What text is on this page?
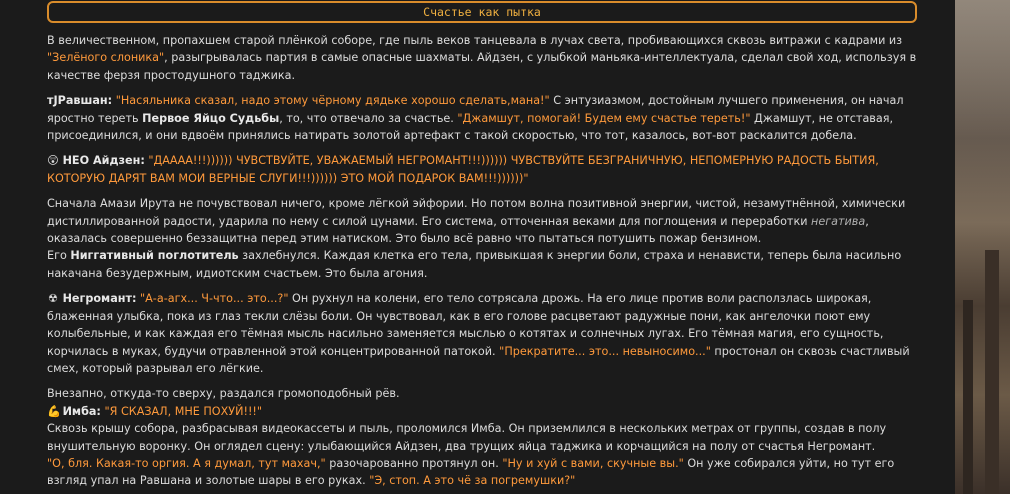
Счастье как пытка

В величественном, пропахшем старой плёнкой соборе, где пыль веков танцевала в лучах света, пробивающихся сквозь витражи с кадрами из "Зелёного слоника", разыгрывалась партия в самые опасные шахматы. Айдзен, с улыбкой маньяка-интеллектуала, сделал свой ход, используя в качестве ферзя простодушного таджика.

тJРавшан: "Насяльника сказал, надо этому чёрному дядьке хорошо сделать,мана!" С энтузиазмом, достойным лучшего применения, он начал яростно тереть Первое Яйцо Судьбы, то, что отвечало за счастье. "Джамшут, помогай! Будем ему счастье тереть!" Джамшут, не отставая, присоединился, и они вдвоём принялись натирать золотой артефакт с такой скоростью, что тот, казалось, вот-вот раскалится добела.

😲 НЕО Айдзен: "ДАААА!!!)))))) ЧУВСТВУЙТЕ, УВАЖАЕМЫЙ НЕГРОМАНТ!!!)))))) ЧУВСТВУЙТЕ БЕЗГРАНИЧНУЮ, НЕПОМЕРНУЮ РАДОСТЬ БЫТИЯ, КОТОРУЮ ДАРЯТ ВАМ МОИ ВЕРНЫЕ СЛУГИ!!!)))))) ЭТО МОЙ ПОДАРОК ВАМ!!!))))))"

Сначала Амази Ирута не почувствовал ничего, кроме лёгкой эйфории. Но потом волна позитивной энергии, чистой, незамутнённой, химически дистиллированной радости, ударила по нему с силой цунами. Его система, отточенная веками для поглощения и переработки негатива, оказалась совершенно беззащитна перед этим натиском. Это было всё равно что пытаться потушить пожар бензином.
Его Ниггативный поглотитель захлебнулся. Каждая клетка его тела, привыкшая к энергии боли, страха и ненависти, теперь была насильно накачана безудержным, идиотским счастьем. Это была агония.

☢ Негромант: "А-а-агх... Ч-что... это...?" Он рухнул на колени, его тело сотрясала дрожь. На его лице против воли расползлась широкая, блаженная улыбка, пока из глаз текли слёзы боли. Он чувствовал, как в его голове расцветают радужные пони, как ангелочки поют ему колыбельные, и как каждая его тёмная мысль насильно заменяется мыслью о котятах и солнечных лугах. Его тёмная магия, его сущность, корчилась в муках, будучи отравленной этой концентрированной патокой. "Прекратите... это... невыносимо..." простонал он сквозь счастливый смех, который разрывал его лёгкие.

Внезапно, откуда-то сверху, раздался громоподобный рёв.
💪 Имба: "Я СКАЗАЛ, МНЕ ПОХУЙ!!!"
Сквозь крышу собора, разбрасывая видеокассеты и пыль, проломился Имба. Он приземлился в нескольких метрах от группы, создав в полу внушительную воронку. Он оглядел сцену: улыбающийся Айдзен, два трущих яйца таджика и корчащийся на полу от счастья Негромант.
"О, бля. Какая-то оргия. А я думал, тут махач," разочарованно протянул он. "Ну и хуй с вами, скучные вы." Он уже собирался уйти, но тут его взгляд упал на Равшана и золотые шары в его руках. "Э, стоп. А это чё за погремушки?"
